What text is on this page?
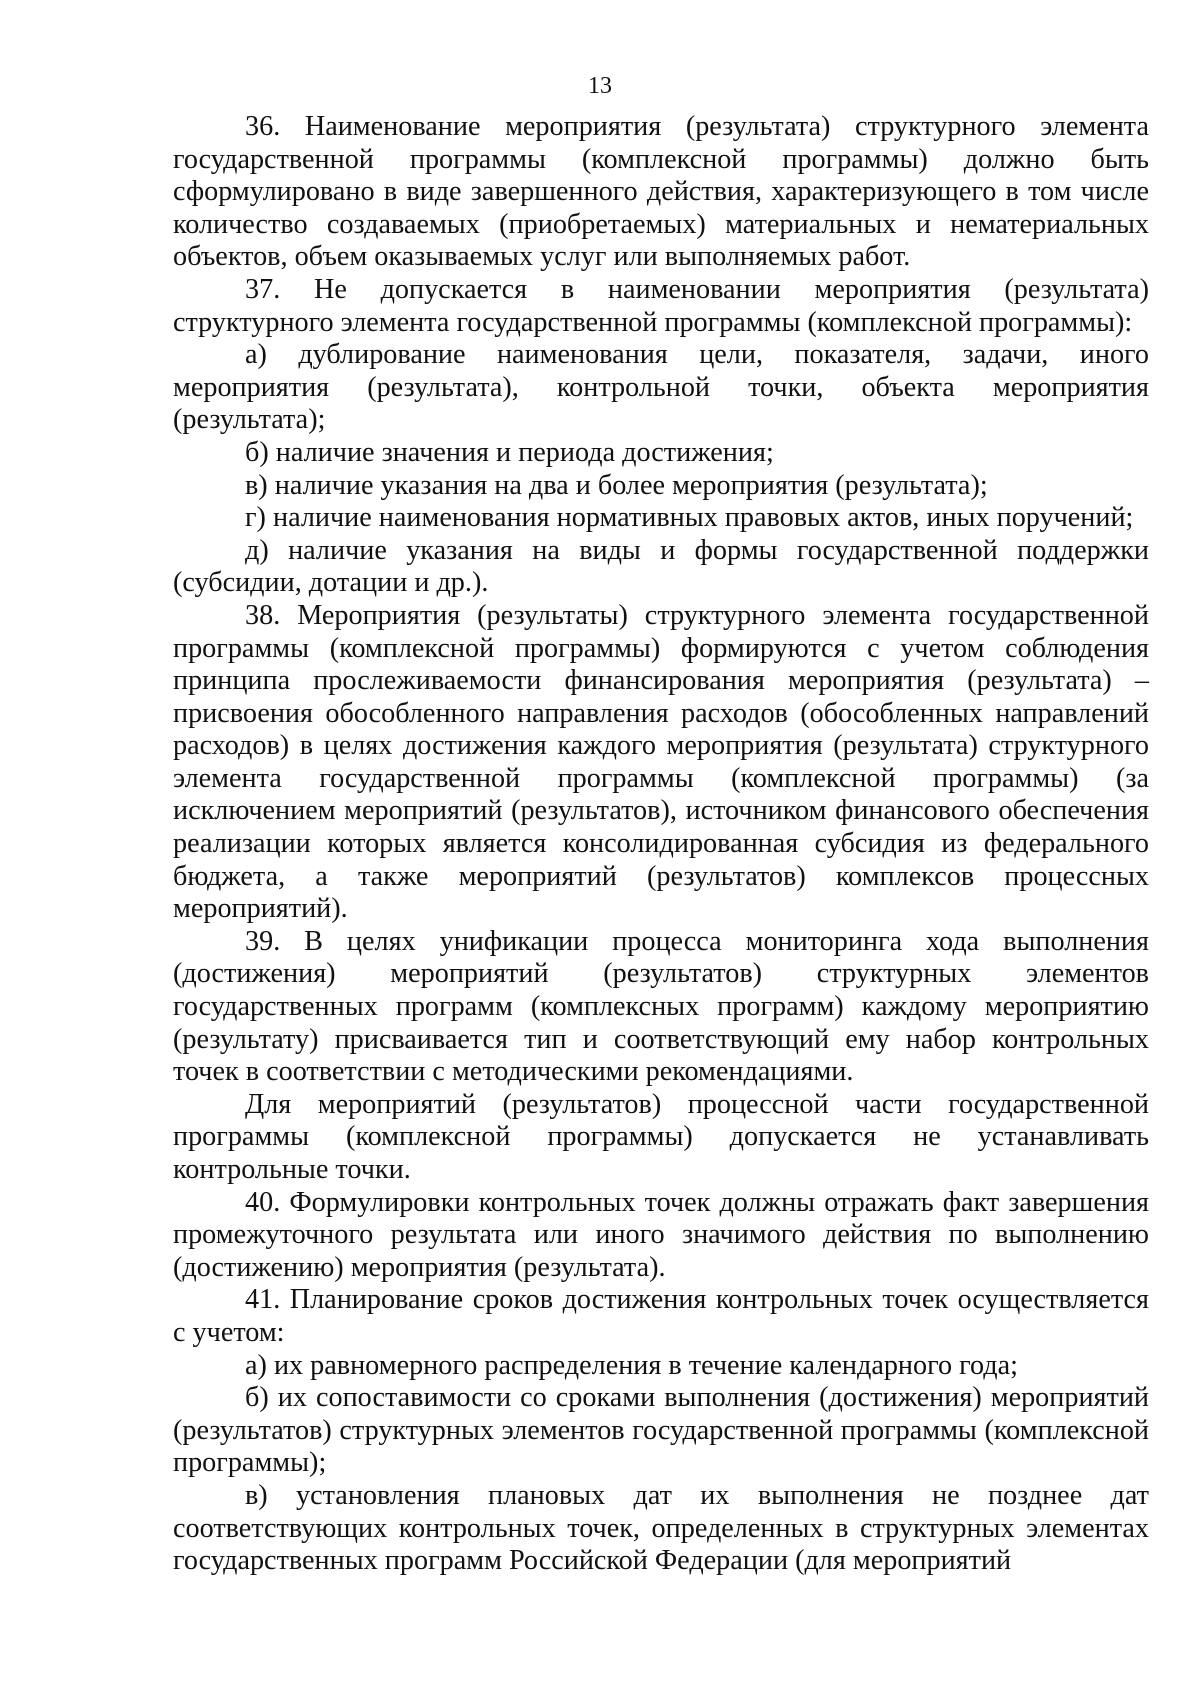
13

36. Наименование мероприятия (результата) структурного элемента государственной программы (комплексной программы) должно быть сформулировано в виде завершенного действия, характеризующего в том числе количество создаваемых (приобретаемых) материальных и нематериальных объектов, объем оказываемых услуг или выполняемых работ.

37. Не допускается в наименовании мероприятия (результата) структурного элемента государственной программы (комплексной программы):

а) дублирование наименования цели, показателя, задачи, иного мероприятия (результата), контрольной точки, объекта мероприятия (результата);

б) наличие значения и периода достижения;

в) наличие указания на два и более мероприятия (результата);

г) наличие наименования нормативных правовых актов, иных поручений;

д) наличие указания на виды и формы государственной поддержки (субсидии, дотации и др.).

38. Мероприятия (результаты) структурного элемента государственной программы (комплексной программы) формируются с учетом соблюдения принципа прослеживаемости финансирования мероприятия (результата) – присвоения обособленного направления расходов (обособленных направлений расходов) в целях достижения каждого мероприятия (результата) структурного элемента государственной программы (комплексной программы) (за исключением мероприятий (результатов), источником финансового обеспечения реализации которых является консолидированная субсидия из федерального бюджета, а также мероприятий (результатов) комплексов процессных мероприятий).

39. В целях унификации процесса мониторинга хода выполнения (достижения) мероприятий (результатов) структурных элементов государственных программ (комплексных программ) каждому мероприятию (результату) присваивается тип и соответствующий ему набор контрольных точек в соответствии с методическими рекомендациями.

Для мероприятий (результатов) процессной части государственной программы (комплексной программы) допускается не устанавливать контрольные точки.

40. Формулировки контрольных точек должны отражать факт завершения промежуточного результата или иного значимого действия по выполнению (достижению) мероприятия (результата).

41. Планирование сроков достижения контрольных точек осуществляется с учетом:

а) их равномерного распределения в течение календарного года;

б) их сопоставимости со сроками выполнения (достижения) мероприятий (результатов) структурных элементов государственной программы (комплексной программы);

в) установления плановых дат их выполнения не позднее дат соответствующих контрольных точек, определенных в структурных элементах государственных программ Российской Федерации (для мероприятий
